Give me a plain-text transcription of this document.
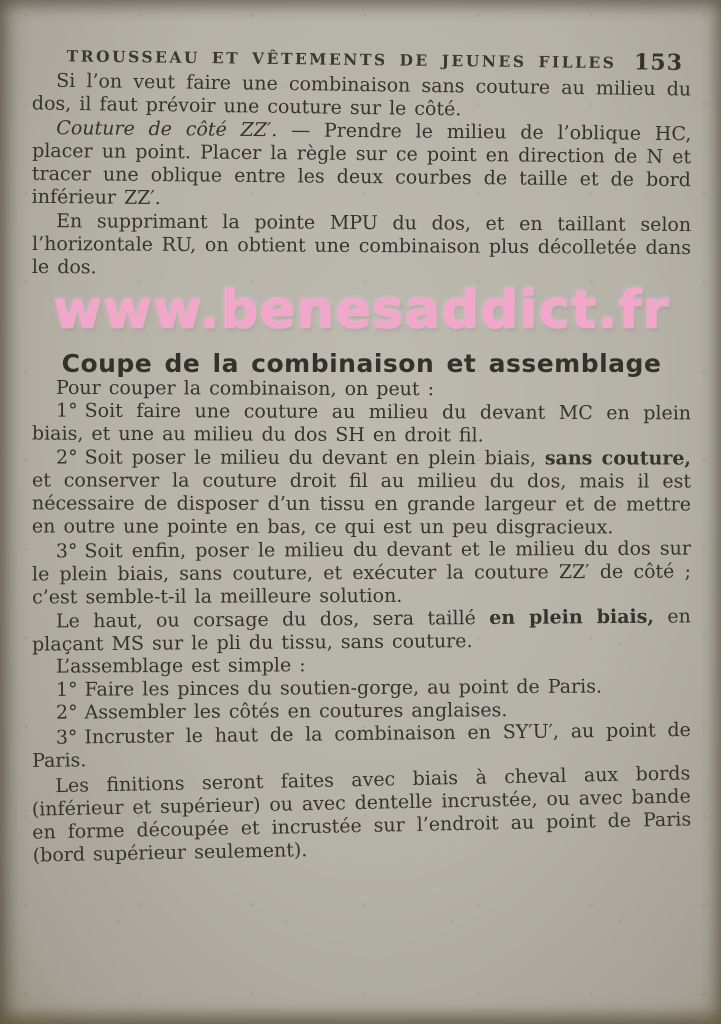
TROUSSEAU ET VÊTEMENTS DE JEUNES FILLES 153

Si l’on veut faire une combinaison sans couture au milieu du dos, il faut prévoir une couture sur le côté.

Couture de côté ZZ′. — Prendre le milieu de l’oblique HC, placer un point. Placer la règle sur ce point en direction de N et tracer une oblique entre les deux courbes de taille et de bord inférieur ZZ′.

En supprimant la pointe MPU du dos, et en taillant selon l’horizontale RU, on obtient une combinaison plus décolletée dans le dos.

www.benesaddict.fr
Coupe de la combinaison et assemblage

Pour couper la combinaison, on peut :

1° Soit faire une couture au milieu du devant MC en plein biais, et une au milieu du dos SH en droit fil.

2° Soit poser le milieu du devant en plein biais, sans couture, et conserver la couture droit fil au milieu du dos, mais il est nécessaire de disposer d’un tissu en grande largeur et de mettre en outre une pointe en bas, ce qui est un peu disgracieux.

3° Soit enfin, poser le milieu du devant et le milieu du dos sur le plein biais, sans couture, et exécuter la couture ZZ′ de côté ; c’est semble-t-il la meilleure solution.

Le haut, ou corsage du dos, sera taillé en plein biais, en plaçant MS sur le pli du tissu, sans couture.

L’assemblage est simple :

1° Faire les pinces du soutien-gorge, au point de Paris.

2° Assembler les côtés en coutures anglaises.

3° Incruster le haut de la combinaison en SY′U′, au point de Paris.

Les finitions seront faites avec biais à cheval aux bords (inférieur et supérieur) ou avec dentelle incrustée, ou avec bande en forme découpée et incrustée sur l’endroit au point de Paris (bord supérieur seulement).
